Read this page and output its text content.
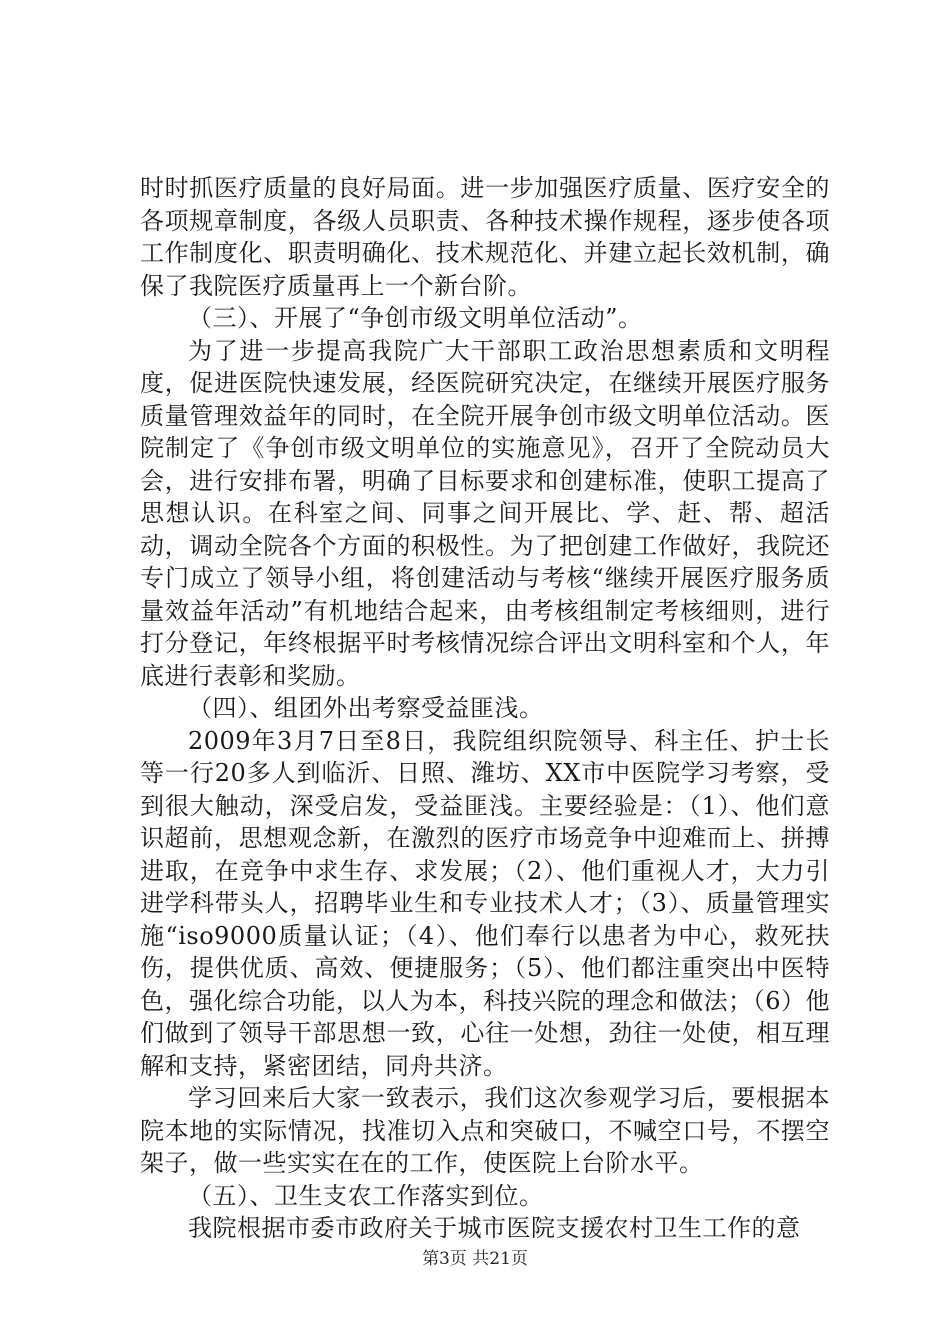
时时抓医疗质量的良好局面。进一步加强医疗质量、医疗安全的各项规章制度，各级人员职责、各种技术操作规程，逐步使各项工作制度化、职责明确化、技术规范化、并建立起长效机制，确保了我院医疗质量再上一个新台阶。

（三）、开展了“争创市级文明单位活动”。

为了进一步提高我院广大干部职工政治思想素质和文明程度，促进医院快速发展，经医院研究决定，在继续开展医疗服务质量管理效益年的同时，在全院开展争创市级文明单位活动。医院制定了《争创市级文明单位的实施意见》，召开了全院动员大会，进行安排布署，明确了目标要求和创建标准，使职工提高了思想认识。在科室之间、同事之间开展比、学、赶、帮、超活动，调动全院各个方面的积极性。为了把创建工作做好，我院还专门成立了领导小组，将创建活动与考核“继续开展医疗服务质量效益年活动”有机地结合起来，由考核组制定考核细则，进行打分登记，年终根据平时考核情况综合评出文明科室和个人，年底进行表彰和奖励。

（四）、组团外出考察受益匪浅。

2009年3月7日至8日，我院组织院领导、科主任、护士长等一行20多人到临沂、日照、潍坊、XX市中医院学习考察，受到很大触动，深受启发，受益匪浅。主要经验是：（1）、他们意识超前，思想观念新，在激烈的医疗市场竞争中迎难而上、拼搏进取，在竞争中求生存、求发展；（2）、他们重视人才，大力引进学科带头人，招聘毕业生和专业技术人才；（3）、质量管理实施“iso9000质量认证；（4）、他们奉行以患者为中心，救死扶伤，提供优质、高效、便捷服务；（5）、他们都注重突出中医特色，强化综合功能，以人为本，科技兴院的理念和做法；（6）他们做到了领导干部思想一致，心往一处想，劲往一处使，相互理解和支持，紧密团结，同舟共济。

学习回来后大家一致表示，我们这次参观学习后，要根据本院本地的实际情况，找准切入点和突破口，不喊空口号，不摆空架子，做一些实实在在的工作，使医院上台阶水平。

（五）、卫生支农工作落实到位。

我院根据市委市政府关于城市医院支援农村卫生工作的意

第3页 共21页
